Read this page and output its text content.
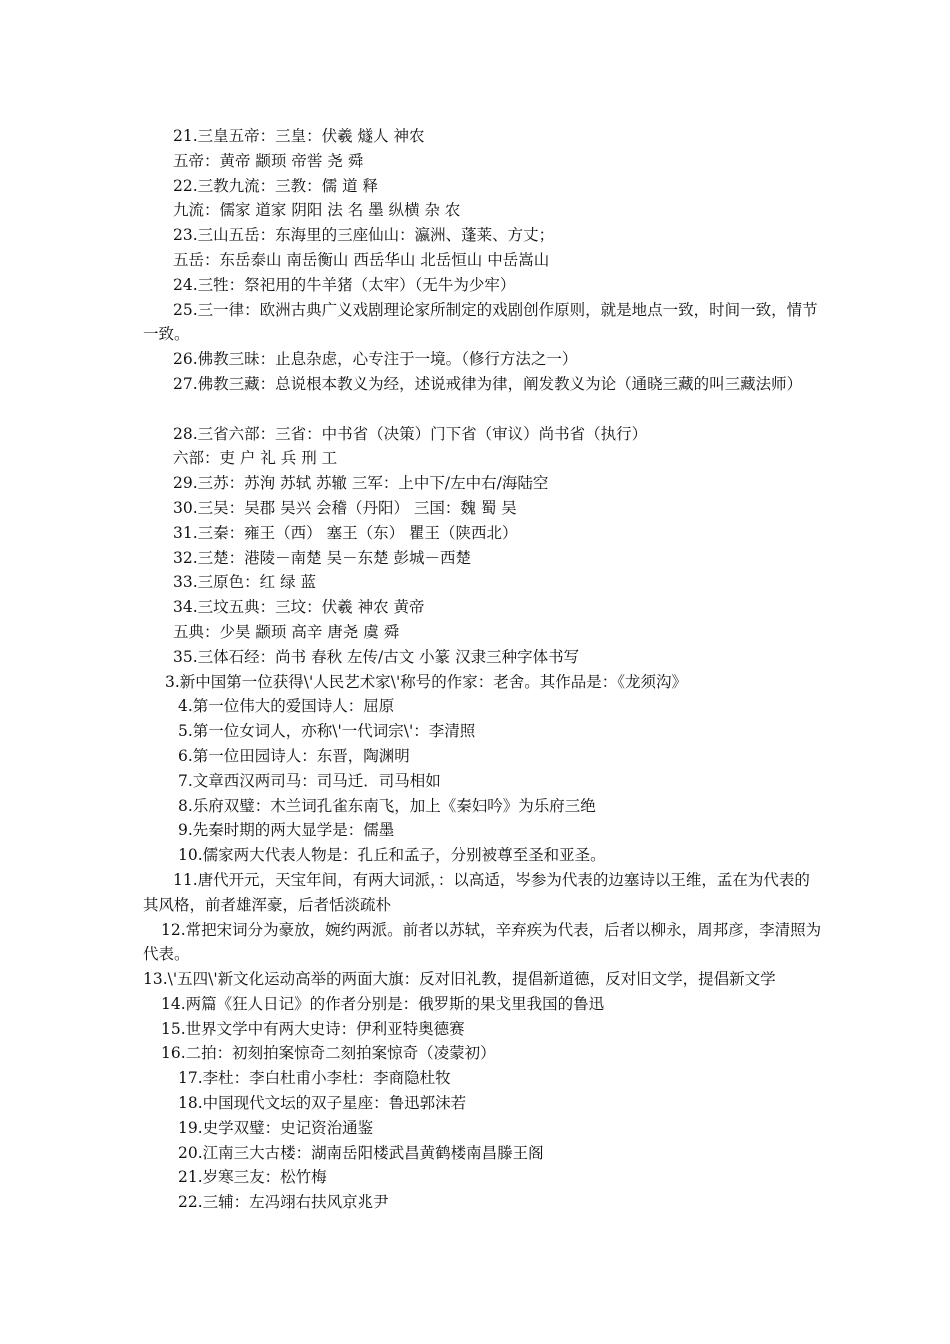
21.三皇五帝：三皇：伏羲 燧人 神农
五帝：黄帝 颛顼 帝喾 尧 舜
22.三教九流：三教：儒 道 释
九流：儒家 道家 阴阳 法 名 墨 纵横 杂 农
23.三山五岳：东海里的三座仙山：瀛洲、蓬莱、方丈；
五岳：东岳泰山 南岳衡山 西岳华山 北岳恒山 中岳嵩山
24.三牲：祭祀用的牛羊猪（太牢）（无牛为少牢）
25.三一律：欧洲古典广义戏剧理论家所制定的戏剧创作原则，就是地点一致，时间一致，情节一致。
26.佛教三昧：止息杂虑，心专注于一境。（修行方法之一）
27.佛教三藏：总说根本教义为经，述说戒律为律，阐发教义为论（通晓三藏的叫三藏法师）
28.三省六部：三省：中书省（决策）门下省（审议）尚书省（执行）
六部：吏 户 礼 兵 刑 工
29.三苏：苏洵 苏轼 苏辙 三军：上中下/左中右/海陆空
30.三吴：吴郡 吴兴 会稽（丹阳） 三国：魏 蜀 吴
31.三秦：雍王（西） 塞王（东） 瞿王（陕西北）
32.三楚：港陵－南楚 吴－东楚 彭城－西楚
33.三原色：红 绿 蓝
34.三坟五典：三坟：伏羲 神农 黄帝
五典：少昊 颛顼 高辛 唐尧 虞 舜
35.三体石经：尚书 春秋 左传/古文 小篆 汉隶三种字体书写
3.新中国第一位获得\'人民艺术家\'称号的作家：老舍。其作品是：《龙须沟》
4.第一位伟大的爱国诗人：屈原
5.第一位女词人，亦称\'一代词宗\'：李清照
6.第一位田园诗人：东晋，陶渊明
7.文章西汉两司马：司马迁．司马相如
8.乐府双璧：木兰词孔雀东南飞，加上《秦妇吟》为乐府三绝
9.先秦时期的两大显学是：儒墨
10.儒家两大代表人物是：孔丘和孟子，分别被尊至圣和亚圣。
11.唐代开元，天宝年间，有两大词派，：以高适，岑参为代表的边塞诗以王维，孟在为代表的其风格，前者雄浑豪，后者恬淡疏朴
12.常把宋词分为豪放，婉约两派。前者以苏轼，辛弃疾为代表，后者以柳永，周邦彦，李清照为代表。
13.\'五四\'新文化运动高举的两面大旗：反对旧礼教，提倡新道德，反对旧文学，提倡新文学
14.两篇《狂人日记》的作者分别是：俄罗斯的果戈里我国的鲁迅
15.世界文学中有两大史诗：伊利亚特奥德赛
16.二拍：初刻拍案惊奇二刻拍案惊奇（凌蒙初）
17.李杜：李白杜甫小李杜：李商隐杜牧
18.中国现代文坛的双子星座：鲁迅郭沫若
19.史学双璧：史记资治通鉴
20.江南三大古楼：湖南岳阳楼武昌黄鹤楼南昌滕王阁
21.岁寒三友：松竹梅
22.三辅：左冯翊右扶风京兆尹
